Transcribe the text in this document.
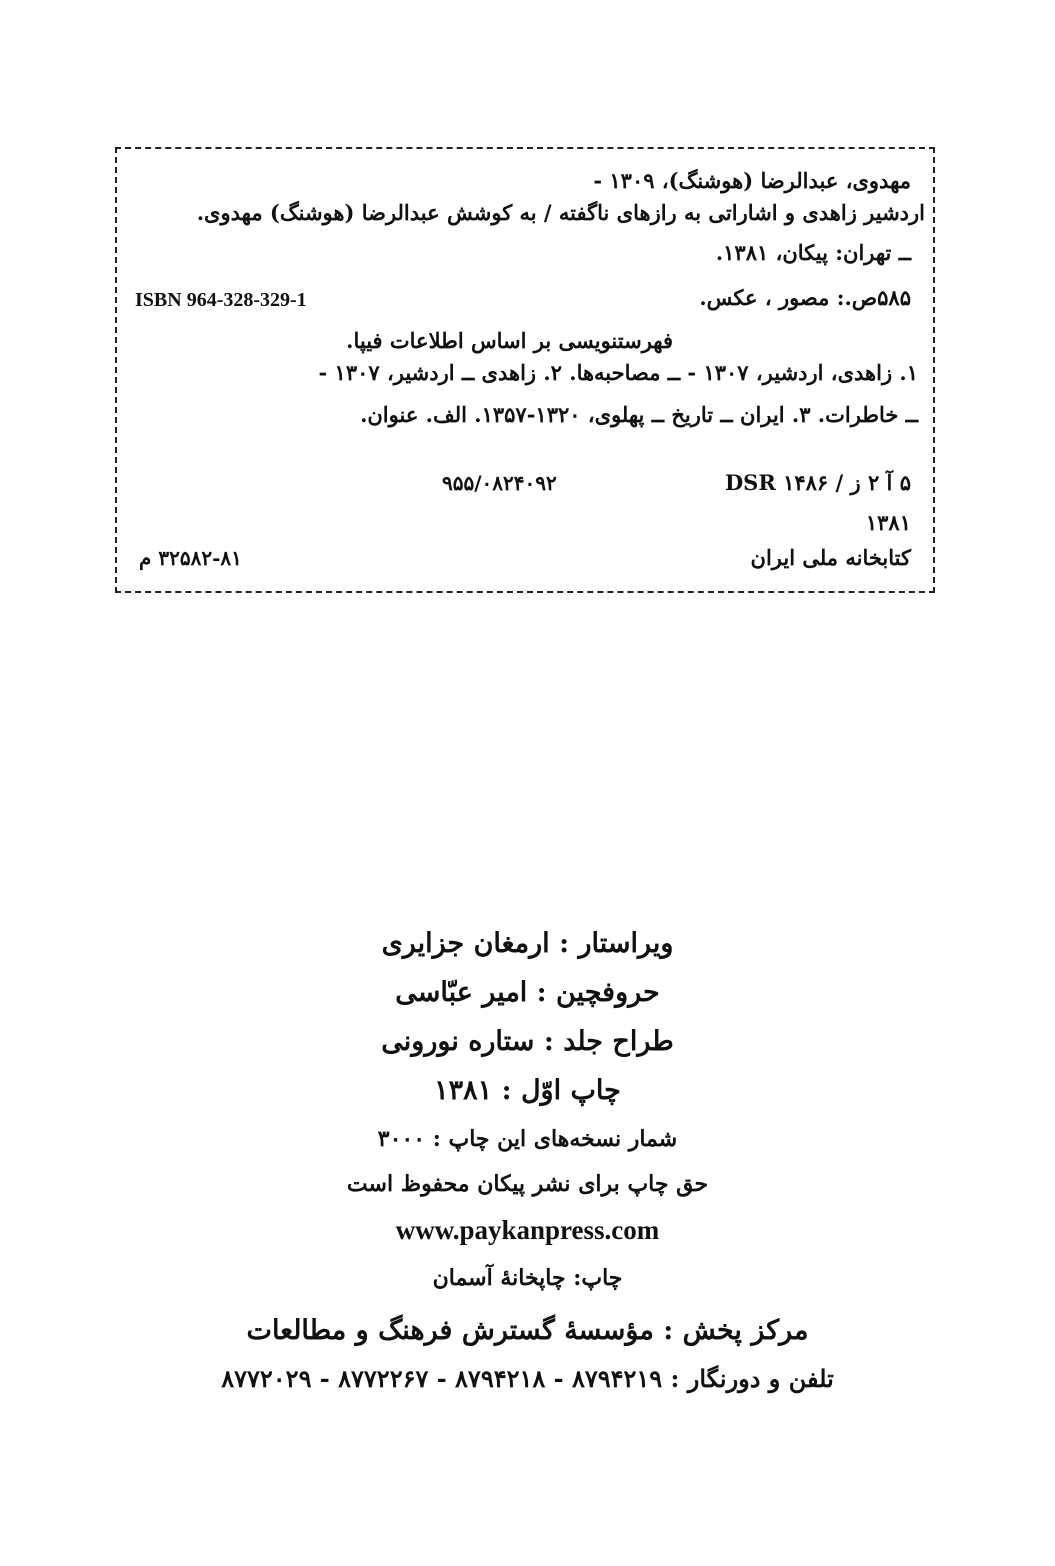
مهدوی، عبدالرضا (هوشنگ)، ۱۳۰۹ -
اردشیر زاهدی و اشاراتی به رازهای ناگفته / به کوشش عبدالرضا (هوشنگ) مهدوی.
ــ تهران: پیکان، ۱۳۸۱.
۵۸۵ص.: مصور ، عکس.
ISBN 964-328-329-1
فهرستنویسی بر اساس اطلاعات فیپا.
۱. زاهدی، اردشیر، ۱۳۰۷ - ــ مصاحبه‌ها. ۲. زاهدی ــ اردشیر، ۱۳۰۷ -
ــ خاطرات. ۳. ایران ــ تاریخ ــ پهلوی، ۱۳۲۰-۱۳۵۷. الف. عنوان.
۵ آ ۲ ز / ۱۴۸۶ DSR
۹۵۵/۰۸۲۴۰۹۲
۱۳۸۱
کتابخانه ملی ایران
۳۲۵۸۲-۸۱ م
ویراستار : ارمغان جزایری
حروفچین : امیر عبّاسی
طراح جلد : ستاره نورونی
چاپ اوّل : ۱۳۸۱
شمار نسخه‌های این چاپ : ۳۰۰۰
حق چاپ برای نشر پیکان محفوظ است
www.paykanpress.com
چاپ: چاپخانهٔ آسمان
مرکز پخش : مؤسسهٔ گسترش فرهنگ و مطالعات
تلفن و دورنگار : ۸۷۹۴۲۱۹ - ۸۷۹۴۲۱۸ - ۸۷۷۲۲۶۷ - ۸۷۷۲۰۲۹
